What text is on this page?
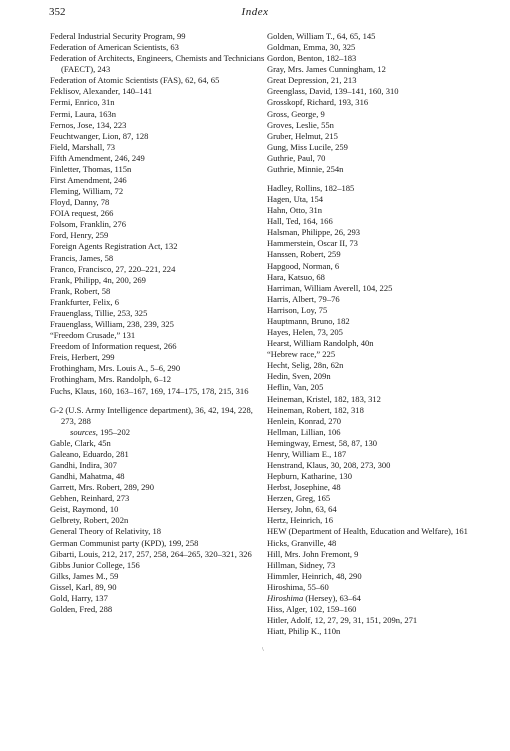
352	Index
Federal Industrial Security Program, 99
Federation of American Scientists, 63
Federation of Architects, Engineers, Chemists and Technicians (FAECT), 243
Federation of Atomic Scientists (FAS), 62, 64, 65
Feklisov, Alexander, 140–141
Fermi, Enrico, 31n
Fermi, Laura, 163n
Fernos, Jose, 134, 223
Feuchtwanger, Lion, 87, 128
Field, Marshall, 73
Fifth Amendment, 246, 249
Finletter, Thomas, 115n
First Amendment, 246
Fleming, William, 72
Floyd, Danny, 78
FOIA request, 266
Folsom, Franklin, 276
Ford, Henry, 259
Foreign Agents Registration Act, 132
Francis, James, 58
Franco, Francisco, 27, 220–221, 224
Frank, Philipp, 4n, 200, 269
Frank, Robert, 58
Frankfurter, Felix, 6
Frauenglass, Tillie, 253, 325
Frauenglass, William, 238, 239, 325
“Freedom Crusade,” 131
Freedom of Information request, 266
Freis, Herbert, 299
Frothingham, Mrs. Louis A., 5–6, 290
Frothingham, Mrs. Randolph, 6–12
Fuchs, Klaus, 160, 163–167, 169, 174–175, 178, 215, 316
G-2 (U.S. Army Intelligence department), 36, 42, 194, 228, 273, 288
sources, 195–202
Gable, Clark, 45n
Galeano, Eduardo, 281
Gandhi, Indira, 307
Gandhi, Mahatma, 48
Garrett, Mrs. Robert, 289, 290
Gebhen, Reinhard, 273
Geist, Raymond, 10
Gelbrety, Robert, 202n
General Theory of Relativity, 18
German Communist party (KPD), 199, 258
Gibarti, Louis, 212, 217, 257, 258, 264–265, 320–321, 326
Gibbs Junior College, 156
Gilks, James M., 59
Gissel, Karl, 89, 90
Gold, Harry, 137
Golden, Fred, 288
Golden, William T., 64, 65, 145
Goldman, Emma, 30, 325
Gordon, Benton, 182–183
Gray, Mrs. James Cunningham, 12
Great Depression, 21, 213
Greenglass, David, 139–141, 160, 310
Grosskopf, Richard, 193, 316
Gross, George, 9
Groves, Leslie, 55n
Gruber, Helmut, 215
Gung, Miss Lucile, 259
Guthrie, Paul, 70
Guthrie, Minnie, 254n
Hadley, Rollins, 182–185
Hagen, Uta, 154
Hahn, Otto, 31n
Hall, Ted, 164, 166
Halsman, Philippe, 26, 293
Hammerstein, Oscar II, 73
Hanssen, Robert, 259
Hapgood, Norman, 6
Hara, Katsuo, 68
Harriman, William Averell, 104, 225
Harris, Albert, 79–76
Harrison, Loy, 75
Hauptmann, Bruno, 182
Hayes, Helen, 73, 205
Hearst, William Randolph, 40n
“Hebrew race,” 225
Hecht, Selig, 28n, 62n
Hedin, Sven, 209n
Heflin, Van, 205
Heineman, Kristel, 182, 183, 312
Heineman, Robert, 182, 318
Henlein, Konrad, 270
Hellman, Lillian, 106
Hemingway, Ernest, 58, 87, 130
Henry, William E., 187
Henstrand, Klaus, 30, 208, 273, 300
Hepburn, Katharine, 130
Herbst, Josephine, 48
Herzen, Greg, 165
Hersey, John, 63, 64
Hertz, Heinrich, 16
HEW (Department of Health, Education and Welfare), 161
Hicks, Granville, 48
Hill, Mrs. John Fremont, 9
Hillman, Sidney, 73
Himmler, Heinrich, 48, 290
Hiroshima, 55–60
Hiroshima (Hersey), 63–64
Hiss, Alger, 102, 159–160
Hitler, Adolf, 12, 27, 29, 31, 151, 209n, 271
Hiatt, Philip K., 110n
\
